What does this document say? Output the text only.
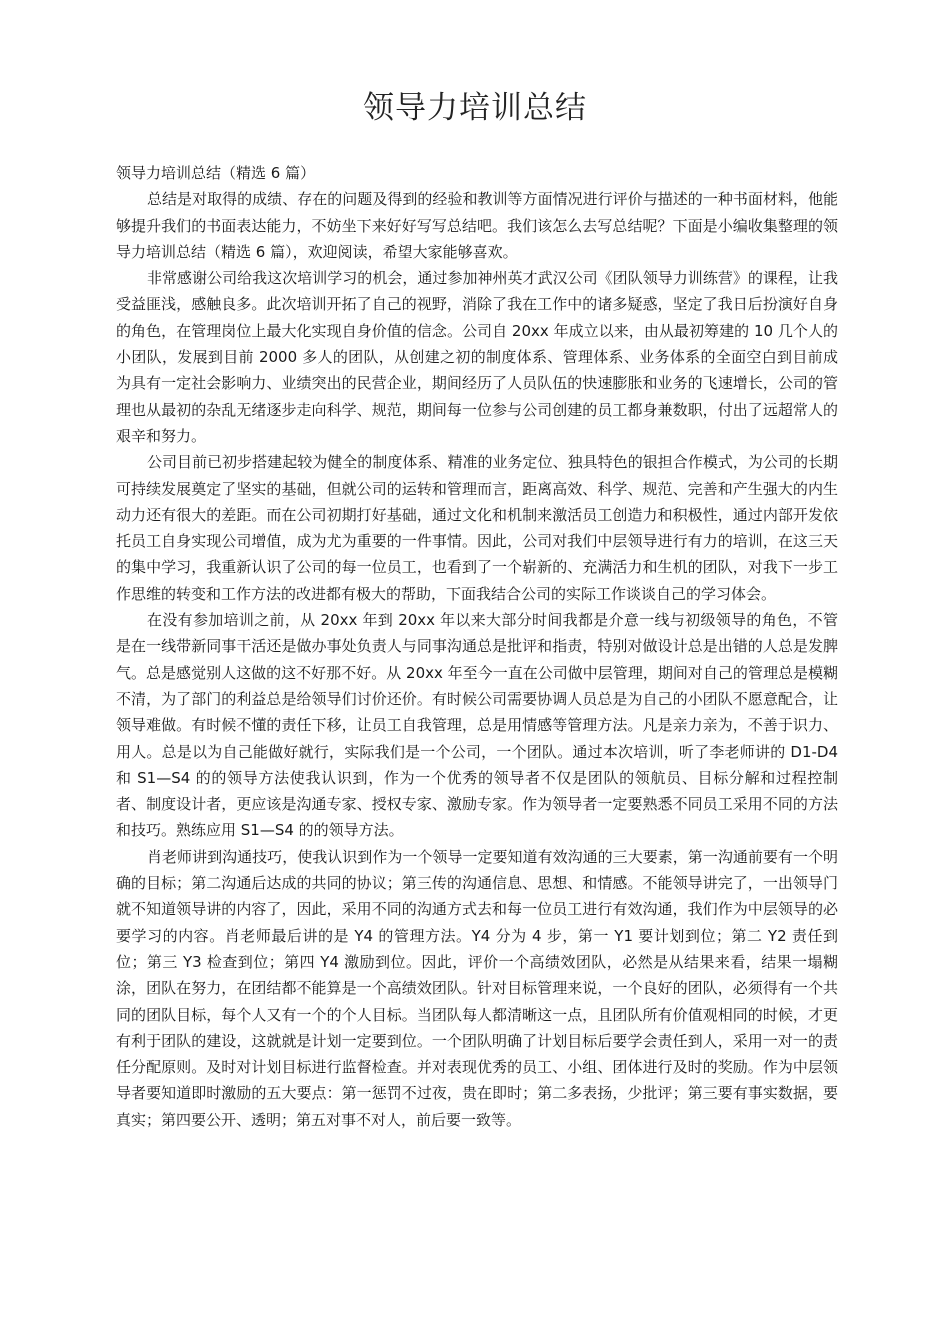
领导力培训总结

领导力培训总结（精选 6 篇）

总结是对取得的成绩、存在的问题及得到的经验和教训等方面情况进行评价与描述的一种书面材料，他能够提升我们的书面表达能力，不妨坐下来好好写写总结吧。我们该怎么去写总结呢？下面是小编收集整理的领导力培训总结（精选 6 篇），欢迎阅读，希望大家能够喜欢。

非常感谢公司给我这次培训学习的机会，通过参加神州英才武汉公司《团队领导力训练营》的课程，让我受益匪浅，感触良多。此次培训开拓了自己的视野，消除了我在工作中的诸多疑惑，坚定了我日后扮演好自身的角色，在管理岗位上最大化实现自身价值的信念。公司自 20xx 年成立以来，由从最初筹建的 10 几个人的小团队，发展到目前 2000 多人的团队，从创建之初的制度体系、管理体系、业务体系的全面空白到目前成为具有一定社会影响力、业绩突出的民营企业，期间经历了人员队伍的快速膨胀和业务的飞速增长，公司的管理也从最初的杂乱无绪逐步走向科学、规范，期间每一位参与公司创建的员工都身兼数职，付出了远超常人的艰辛和努力。

公司目前已初步搭建起较为健全的制度体系、精准的业务定位、独具特色的银担合作模式，为公司的长期可持续发展奠定了坚实的基础，但就公司的运转和管理而言，距离高效、科学、规范、完善和产生强大的内生动力还有很大的差距。而在公司初期打好基础，通过文化和机制来激活员工创造力和积极性，通过内部开发依托员工自身实现公司增值，成为尤为重要的一件事情。因此，公司对我们中层领导进行有力的培训，在这三天的集中学习，我重新认识了公司的每一位员工，也看到了一个崭新的、充满活力和生机的团队，对我下一步工作思维的转变和工作方法的改进都有极大的帮助，下面我结合公司的实际工作谈谈自己的学习体会。

在没有参加培训之前，从 20xx 年到 20xx 年以来大部分时间我都是介意一线与初级领导的角色，不管是在一线带新同事干活还是做办事处负责人与同事沟通总是批评和指责，特别对做设计总是出错的人总是发脾气。总是感觉别人这做的这不好那不好。从 20xx 年至今一直在公司做中层管理，期间对自己的管理总是模糊不清，为了部门的利益总是给领导们讨价还价。有时候公司需要协调人员总是为自己的小团队不愿意配合，让领导难做。有时候不懂的责任下移，让员工自我管理，总是用情感等管理方法。凡是亲力亲为，不善于识力、用人。总是以为自己能做好就行，实际我们是一个公司，一个团队。通过本次培训，听了李老师讲的 D1-D4 和 S1—S4 的的领导方法使我认识到，作为一个优秀的领导者不仅是团队的领航员、目标分解和过程控制者、制度设计者，更应该是沟通专家、授权专家、激励专家。作为领导者一定要熟悉不同员工采用不同的方法和技巧。熟练应用 S1—S4 的的领导方法。

肖老师讲到沟通技巧，使我认识到作为一个领导一定要知道有效沟通的三大要素，第一沟通前要有一个明确的目标；第二沟通后达成的共同的协议；第三传的沟通信息、思想、和情感。不能领导讲完了，一出领导门就不知道领导讲的内容了，因此，采用不同的沟通方式去和每一位员工进行有效沟通，我们作为中层领导的必要学习的内容。肖老师最后讲的是 Y4 的管理方法。Y4 分为 4 步，第一 Y1 要计划到位；第二 Y2 责任到位；第三 Y3 检查到位；第四 Y4 激励到位。因此，评价一个高绩效团队，必然是从结果来看，结果一塌糊涂，团队在努力，在团结都不能算是一个高绩效团队。针对目标管理来说，一个良好的团队，必须得有一个共同的团队目标，每个人又有一个的个人目标。当团队每人都清晰这一点，且团队所有价值观相同的时候，才更有利于团队的建设，这就就是计划一定要到位。一个团队明确了计划目标后要学会责任到人，采用一对一的责任分配原则。及时对计划目标进行监督检查。并对表现优秀的员工、小组、团体进行及时的奖励。作为中层领导者要知道即时激励的五大要点：第一惩罚不过夜，贵在即时；第二多表扬，少批评；第三要有事实数据，要真实；第四要公开、透明；第五对事不对人，前后要一致等。
